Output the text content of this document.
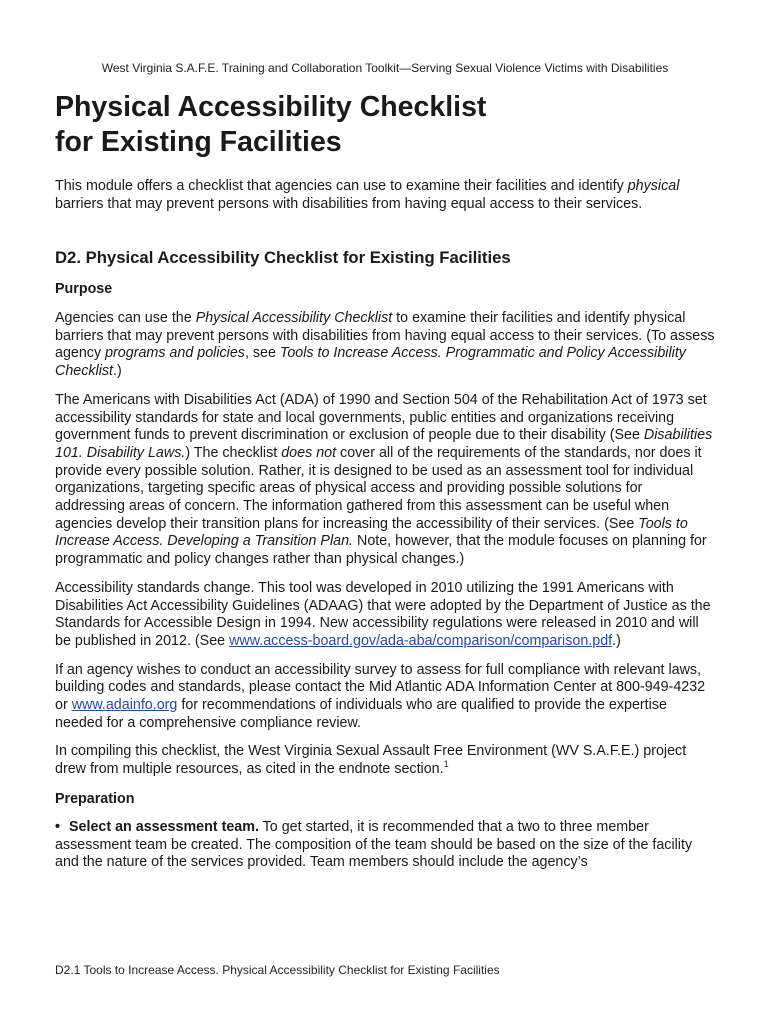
West Virginia S.A.F.E. Training and Collaboration Toolkit—Serving Sexual Violence Victims with Disabilities
Physical Accessibility Checklist
for Existing Facilities

This module offers a checklist that agencies can use to examine their facilities and identify physical barriers that may prevent persons with disabilities from having equal access to their services.

D2. Physical Accessibility Checklist for Existing Facilities
Purpose

Agencies can use the Physical Accessibility Checklist to examine their facilities and identify physical barriers that may prevent persons with disabilities from having equal access to their services. (To assess agency programs and policies, see Tools to Increase Access. Programmatic and Policy Accessibility Checklist.)

The Americans with Disabilities Act (ADA) of 1990 and Section 504 of the Rehabilitation Act of 1973 set accessibility standards for state and local governments, public entities and organizations receiving government funds to prevent discrimination or exclusion of people due to their disability (See Disabilities 101. Disability Laws.) The checklist does not cover all of the requirements of the standards, nor does it provide every possible solution. Rather, it is designed to be used as an assessment tool for individual organizations, targeting specific areas of physical access and providing possible solutions for addressing areas of concern. The information gathered from this assessment can be useful when agencies develop their transition plans for increasing the accessibility of their services. (See Tools to Increase Access. Developing a Transition Plan. Note, however, that the module focuses on planning for programmatic and policy changes rather than physical changes.)

Accessibility standards change. This tool was developed in 2010 utilizing the 1991 Americans with Disabilities Act Accessibility Guidelines (ADAAG) that were adopted by the Department of Justice as the Standards for Accessible Design in 1994. New accessibility regulations were released in 2010 and will be published in 2012. (See www.access-board.gov/ada-aba/comparison/comparison.pdf.)

If an agency wishes to conduct an accessibility survey to assess for full compliance with relevant laws, building codes and standards, please contact the Mid Atlantic ADA Information Center at 800-949-4232 or www.adainfo.org for recommendations of individuals who are qualified to provide the expertise needed for a comprehensive compliance review.

In compiling this checklist, the West Virginia Sexual Assault Free Environment (WV S.A.F.E.) project drew from multiple resources, as cited in the endnote section.$^1$

Preparation

• Select an assessment team. To get started, it is recommended that a two to three member assessment team be created. The composition of the team should be based on the size of the facility and the nature of the services provided. Team members should include the agency’s

D2.1 Tools to Increase Access. Physical Accessibility Checklist for Existing Facilities
